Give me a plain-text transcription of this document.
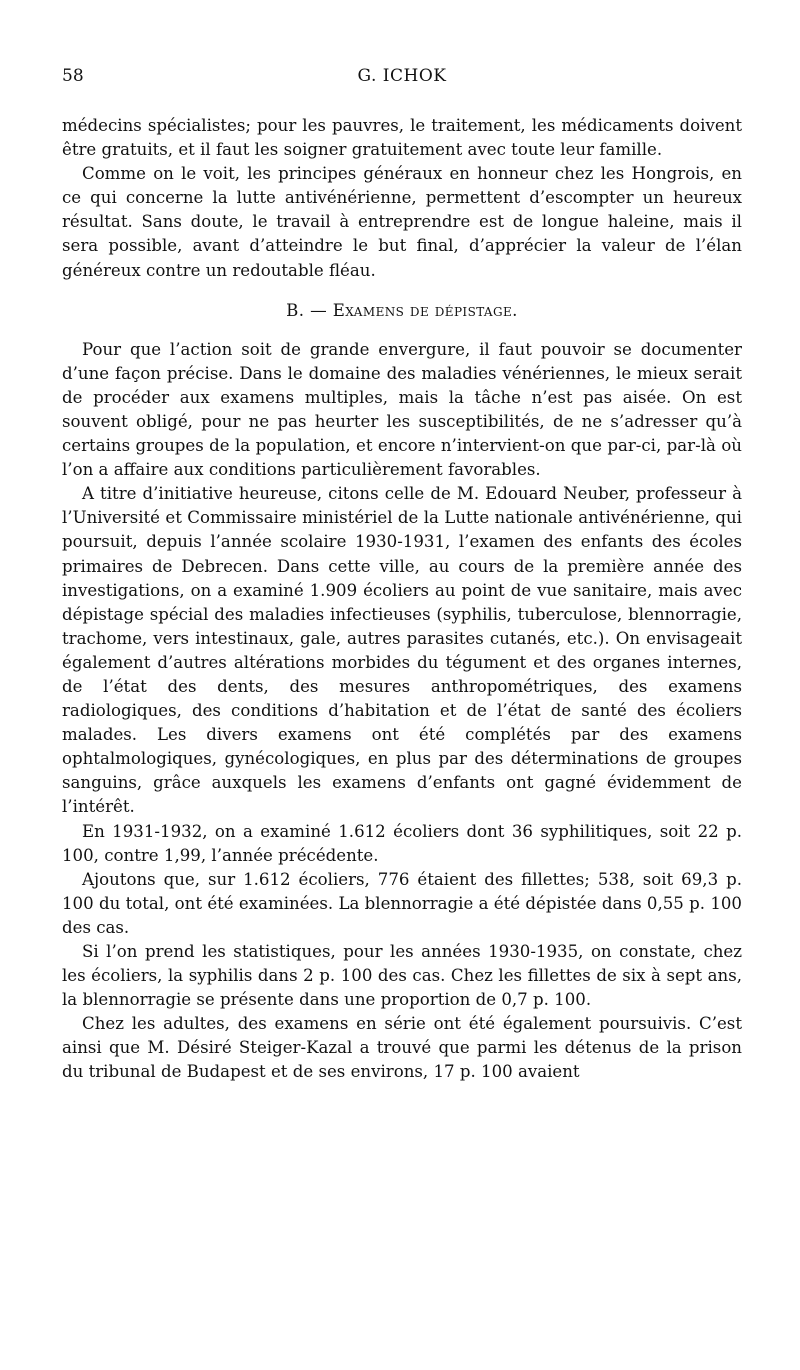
58	G. ICHOK

médecins spécialistes; pour les pauvres, le traitement, les médicaments doivent être gratuits, et il faut les soigner gratuitement avec toute leur famille.

Comme on le voit, les principes généraux en honneur chez les Hongrois, en ce qui concerne la lutte antivénérienne, permettent d’escompter un heureux résultat. Sans doute, le travail à entreprendre est de longue haleine, mais il sera possible, avant d’atteindre le but final, d’apprécier la valeur de l’élan généreux contre un redoutable fléau.

B. — Examens de dépistage.

Pour que l’action soit de grande envergure, il faut pouvoir se documenter d’une façon précise. Dans le domaine des maladies vénériennes, le mieux serait de procéder aux examens multiples, mais la tâche n’est pas aisée. On est souvent obligé, pour ne pas heurter les susceptibilités, de ne s’adresser qu’à certains groupes de la population, et encore n’intervient-on que par-ci, par-là où l’on a affaire aux conditions particulièrement favorables.

A titre d’initiative heureuse, citons celle de M. Edouard Neuber, professeur à l’Université et Commissaire ministériel de la Lutte nationale antivénérienne, qui poursuit, depuis l’année scolaire 1930-1931, l’examen des enfants des écoles primaires de Debrecen. Dans cette ville, au cours de la première année des investigations, on a examiné 1.909 écoliers au point de vue sanitaire, mais avec dépistage spécial des maladies infectieuses (syphilis, tuberculose, blennorragie, trachome, vers intestinaux, gale, autres parasites cutanés, etc.). On envisageait également d’autres altérations morbides du tégument et des organes internes, de l’état des dents, des mesures anthropométriques, des examens radiologiques, des conditions d’habitation et de l’état de santé des écoliers malades. Les divers examens ont été complétés par des examens ophtalmologiques, gynécologiques, en plus par des déterminations de groupes sanguins, grâce auxquels les examens d’enfants ont gagné évidemment de l’intérêt.

En 1931-1932, on a examiné 1.612 écoliers dont 36 syphilitiques, soit 22 p. 100, contre 1,99, l’année précédente.

Ajoutons que, sur 1.612 écoliers, 776 étaient des fillettes; 538, soit 69,3 p. 100 du total, ont été examinées. La blennorragie a été dépistée dans 0,55 p. 100 des cas.

Si l’on prend les statistiques, pour les années 1930-1935, on constate, chez les écoliers, la syphilis dans 2 p. 100 des cas. Chez les fillettes de six à sept ans, la blennorragie se présente dans une proportion de 0,7 p. 100.

Chez les adultes, des examens en série ont été également poursuivis. C’est ainsi que M. Désiré Steiger-Kazal a trouvé que parmi les détenus de la prison du tribunal de Budapest et de ses environs, 17 p. 100 avaient
